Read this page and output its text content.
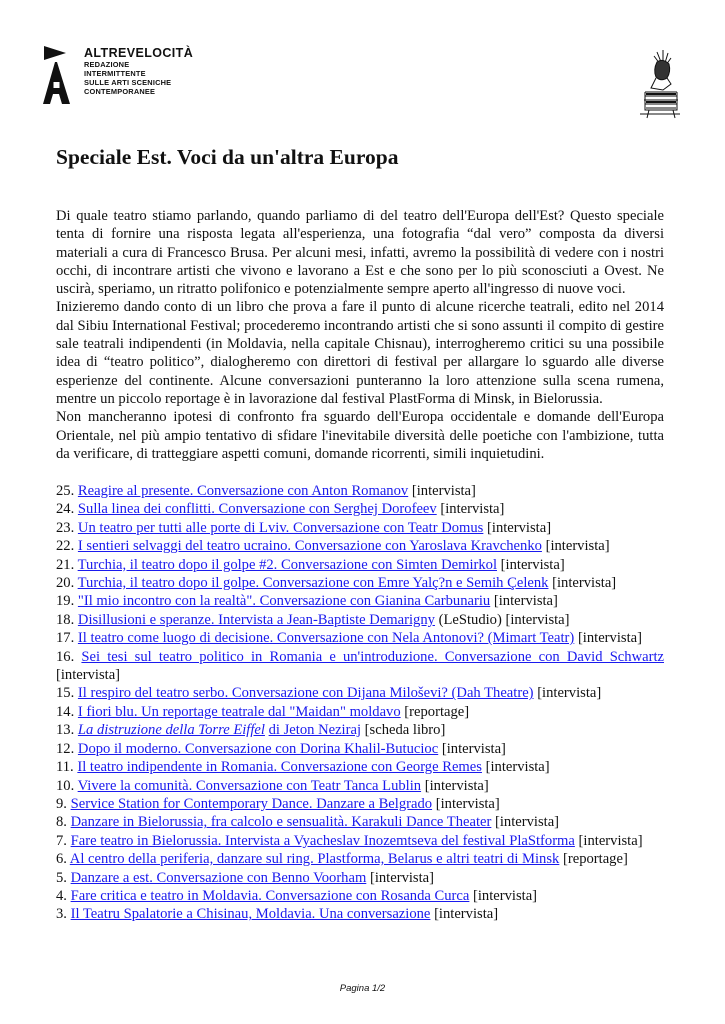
ALTREVELOCITÀ
REDAZIONE
INTERMITTENTE
SULLE ARTI SCENICHE
CONTEMPORANEE
Speciale Est. Voci da un'altra Europa

Di quale teatro stiamo parlando, quando parliamo di del teatro dell'Europa dell'Est? Questo speciale tenta di fornire una risposta legata all'esperienza, una fotografia “dal vero” composta da diversi materiali a cura di Francesco Brusa. Per alcuni mesi, infatti, avremo la possibilità di vedere con i nostri occhi, di incontrare artisti che vivono e lavorano a Est e che sono per lo più sconosciuti a Ovest. Ne uscirà, speriamo, un ritratto polifonico e potenzialmente sempre aperto all'ingresso di nuove voci.

Inizieremo dando conto di un libro che prova a fare il punto di alcune ricerche teatrali, edito nel 2014 dal Sibiu International Festival; procederemo incontrando artisti che si sono assunti il compito di gestire sale teatrali indipendenti (in Moldavia, nella capitale Chisnau), interrogheremo critici su una possibile idea di “teatro politico”, dialogheremo con direttori di festival per allargare lo sguardo alle diverse esperienze del continente. Alcune conversazioni punteranno la loro attenzione sulla scena rumena, mentre un piccolo reportage è in lavorazione dal festival PlastForma di Minsk, in Bielorussia.

Non mancheranno ipotesi di confronto fra sguardo dell'Europa occidentale e domande dell'Europa Orientale, nel più ampio tentativo di sfidare l'inevitabile diversità delle poetiche con l'ambizione, tutta da verificare, di tratteggiare aspetti comuni, domande ricorrenti, simili inquietudini.

25. Reagire al presente. Conversazione con Anton Romanov [intervista]
24. Sulla linea dei conflitti. Conversazione con Serghej Dorofeev [intervista]
23. Un teatro per tutti alle porte di Lviv. Conversazione con Teatr Domus [intervista]
22. I sentieri selvaggi del teatro ucraino. Conversazione con Yaroslava Kravchenko [intervista]
21. Turchia, il teatro dopo il golpe #2. Conversazione con Simten Demirkol [intervista]
20. Turchia, il teatro dopo il golpe. Conversazione con Emre Yalç?n e Semih Çelenk [intervista]
19. "Il mio incontro con la realtà". Conversazione con Gianina Carbunariu [intervista]
18. Disillusioni e speranze. Intervista a Jean-Baptiste Demarigny (LeStudio) [intervista]
17. Il teatro come luogo di decisione. Conversazione con Nela Antonovi? (Mimart Teatr) [intervista]
16. Sei tesi sul teatro politico in Romania e un'introduzione. Conversazione con David Schwartz
[intervista]
15. Il respiro del teatro serbo. Conversazione con Dijana Miloševi? (Dah Theatre) [intervista]
14. I fiori blu. Un reportage teatrale dal "Maidan" moldavo [reportage]
13. La distruzione della Torre Eiffel di Jeton Neziraj [scheda libro]
12. Dopo il moderno. Conversazione con Dorina Khalil-Butucioc [intervista]
11. Il teatro indipendente in Romania. Conversazione con George Remes [intervista]
10. Vivere la comunità. Conversazione con Teatr Tanca Lublin [intervista]
9. Service Station for Contemporary Dance. Danzare a Belgrado [intervista]
8. Danzare in Bielorussia, fra calcolo e sensualità. Karakuli Dance Theater [intervista]
7. Fare teatro in Bielorussia. Intervista a Vyacheslav Inozemtseva del festival PlaStforma [intervista]
6. Al centro della periferia, danzare sul ring. Plastforma, Belarus e altri teatri di Minsk [reportage]
5. Danzare a est. Conversazione con Benno Voorham [intervista]
4. Fare critica e teatro in Moldavia. Conversazione con Rosanda Curca [intervista]
3. Il Teatru Spalatorie a Chisinau, Moldavia. Una conversazione [intervista]
Pagina 1/2
